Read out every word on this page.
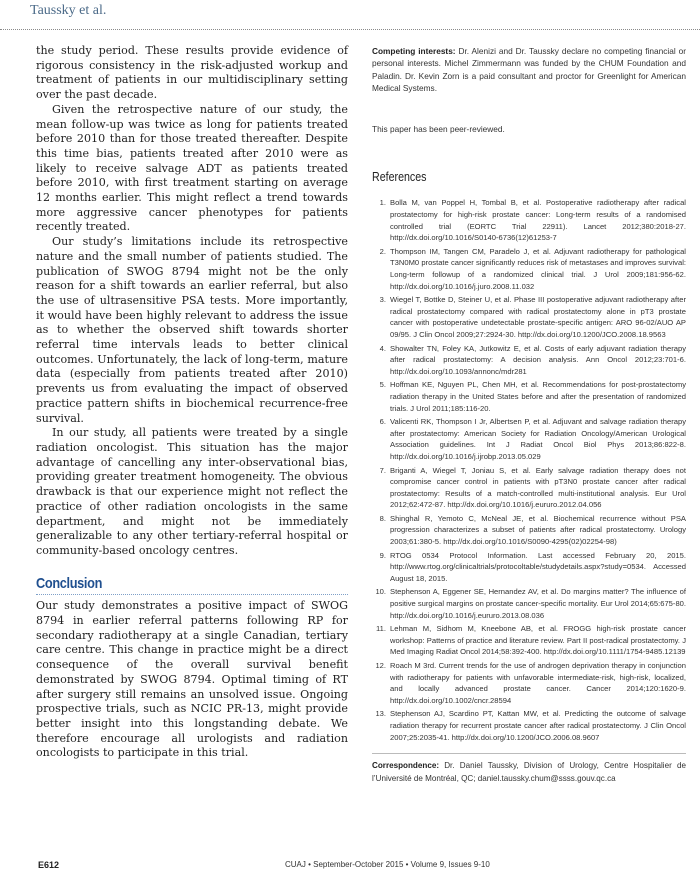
Taussky et al.

the study period. These results provide evidence of rigorous consistency in the risk-adjusted workup and treatment of patients in our multidisciplinary setting over the past decade.

Given the retrospective nature of our study, the mean follow-up was twice as long for patients treated before 2010 than for those treated thereafter. Despite this time bias, patients treated after 2010 were as likely to receive salvage ADT as patients treated before 2010, with first treatment starting on average 12 months earlier. This might reflect a trend towards more aggressive cancer phenotypes for patients recently treated.

Our study’s limitations include its retrospective nature and the small number of patients studied. The publication of SWOG 8794 might not be the only reason for a shift towards an earlier referral, but also the use of ultrasensitive PSA tests. More importantly, it would have been highly relevant to address the issue as to whether the observed shift towards shorter referral time intervals leads to better clinical outcomes. Unfortunately, the lack of long-term, mature data (especially from patients treated after 2010) prevents us from evaluating the impact of observed practice pattern shifts in biochemical recurrence-free survival.

In our study, all patients were treated by a single radiation oncologist. This situation has the major advantage of cancelling any inter-observational bias, providing greater treatment homogeneity. The obvious drawback is that our experience might not reflect the practice of other radiation oncologists in the same department, and might not be immediately generalizable to any other tertiary-referral hospital or community-based oncology centres.

Conclusion

Our study demonstrates a positive impact of SWOG 8794 in earlier referral patterns following RP for secondary radiotherapy at a single Canadian, tertiary care centre. This change in practice might be a direct consequence of the overall survival benefit demonstrated by SWOG 8794. Optimal timing of RT after surgery still remains an unsolved issue. Ongoing prospective trials, such as NCIC PR-13, might provide better insight into this longstanding debate. We therefore encourage all urologists and radiation oncologists to participate in this trial.

Competing interests: Dr. Alenizi and Dr. Taussky declare no competing financial or personal interests. Michel Zimmermann was funded by the CHUM Foundation and Paladin. Dr. Kevin Zorn is a paid consultant and proctor for Greenlight for American Medical Systems.

This paper has been peer-reviewed.

References
1. Bolla M, van Poppel H, Tombal B, et al. Postoperative radiotherapy after radical prostatectomy for high-risk prostate cancer: Long-term results of a randomised controlled trial (EORTC Trial 22911). Lancet 2012;380:2018-27. http://dx.doi.org/10.1016/S0140-6736(12)61253-7
2. Thompson IM, Tangen CM, Paradelo J, et al. Adjuvant radiotherapy for pathological T3N0M0 prostate cancer significantly reduces risk of metastases and improves survival: Long-term followup of a randomized clinical trial. J Urol 2009;181:956-62. http://dx.doi.org/10.1016/j.juro.2008.11.032
3. Wiegel T, Bottke D, Steiner U, et al. Phase III postoperative adjuvant radiotherapy after radical prostatectomy compared with radical prostatectomy alone in pT3 prostate cancer with postoperative undetectable prostate-specific antigen: ARO 96-02/AUO AP 09/95. J Clin Oncol 2009;27:2924-30. http://dx.doi.org/10.1200/JCO.2008.18.9563
4. Showalter TN, Foley KA, Jutkowitz E, et al. Costs of early adjuvant radiation therapy after radical prostatectomy: A decision analysis. Ann Oncol 2012;23:701-6. http://dx.doi.org/10.1093/annonc/mdr281
5. Hoffman KE, Nguyen PL, Chen MH, et al. Recommendations for post-prostatectomy radiation therapy in the United States before and after the presentation of randomized trials. J Urol 2011;185:116-20.
6. Valicenti RK, Thompson I Jr, Albertsen P, et al. Adjuvant and salvage radiation therapy after prostatectomy: American Society for Radiation Oncology/American Urological Association guidelines. Int J Radiat Oncol Biol Phys 2013;86:822-8. http://dx.doi.org/10.1016/j.ijrobp.2013.05.029
7. Briganti A, Wiegel T, Joniau S, et al. Early salvage radiation therapy does not compromise cancer control in patients with pT3N0 prostate cancer after radical prostatectomy: Results of a match-controlled multi-institutional analysis. Eur Urol 2012;62:472-87. http://dx.doi.org/10.1016/j.eururo.2012.04.056
8. Shinghal R, Yemoto C, McNeal JE, et al. Biochemical recurrence without PSA progression characterizes a subset of patients after radical prostatectomy. Urology 2003;61:380-5. http://dx.doi.org/10.1016/S0090-4295(02)02254-98)
9. RTOG 0534 Protocol Information. Last accessed February 20, 2015. http://www.rtog.org/clinicaltrials/protocoltable/studydetails.aspx?study=0534. Accessed August 18, 2015.
10. Stephenson A, Eggener SE, Hernandez AV, et al. Do margins matter? The influence of positive surgical margins on prostate cancer-specific mortality. Eur Urol 2014;65:675-80. http://dx.doi.org/10.1016/j.eururo.2013.08.036
11. Lehman M, Sidhom M, Kneebone AB, et al. FROGG high-risk prostate cancer workshop: Patterns of practice and literature review. Part II post-radical prostatectomy. J Med Imaging Radiat Oncol 2014;58:392-400. http://dx.doi.org/10.1111/1754-9485.12139
12. Roach M 3rd. Current trends for the use of androgen deprivation therapy in conjunction with radiotherapy for patients with unfavorable intermediate-risk, high-risk, localized, and locally advanced prostate cancer. Cancer 2014;120:1620-9. http://dx.doi.org/10.1002/cncr.28594
13. Stephenson AJ, Scardino PT, Kattan MW, et al. Predicting the outcome of salvage radiation therapy for recurrent prostate cancer after radical prostatectomy. J Clin Oncol 2007;25:2035-41. http://dx.doi.org/10.1200/JCO.2006.08.9607

Correspondence: Dr. Daniel Taussky, Division of Urology, Centre Hospitalier de l’Université de Montréal, QC; daniel.taussky.chum@ssss.gouv.qc.ca

E612	CUAJ • September-October 2015 • Volume 9, Issues 9-10
